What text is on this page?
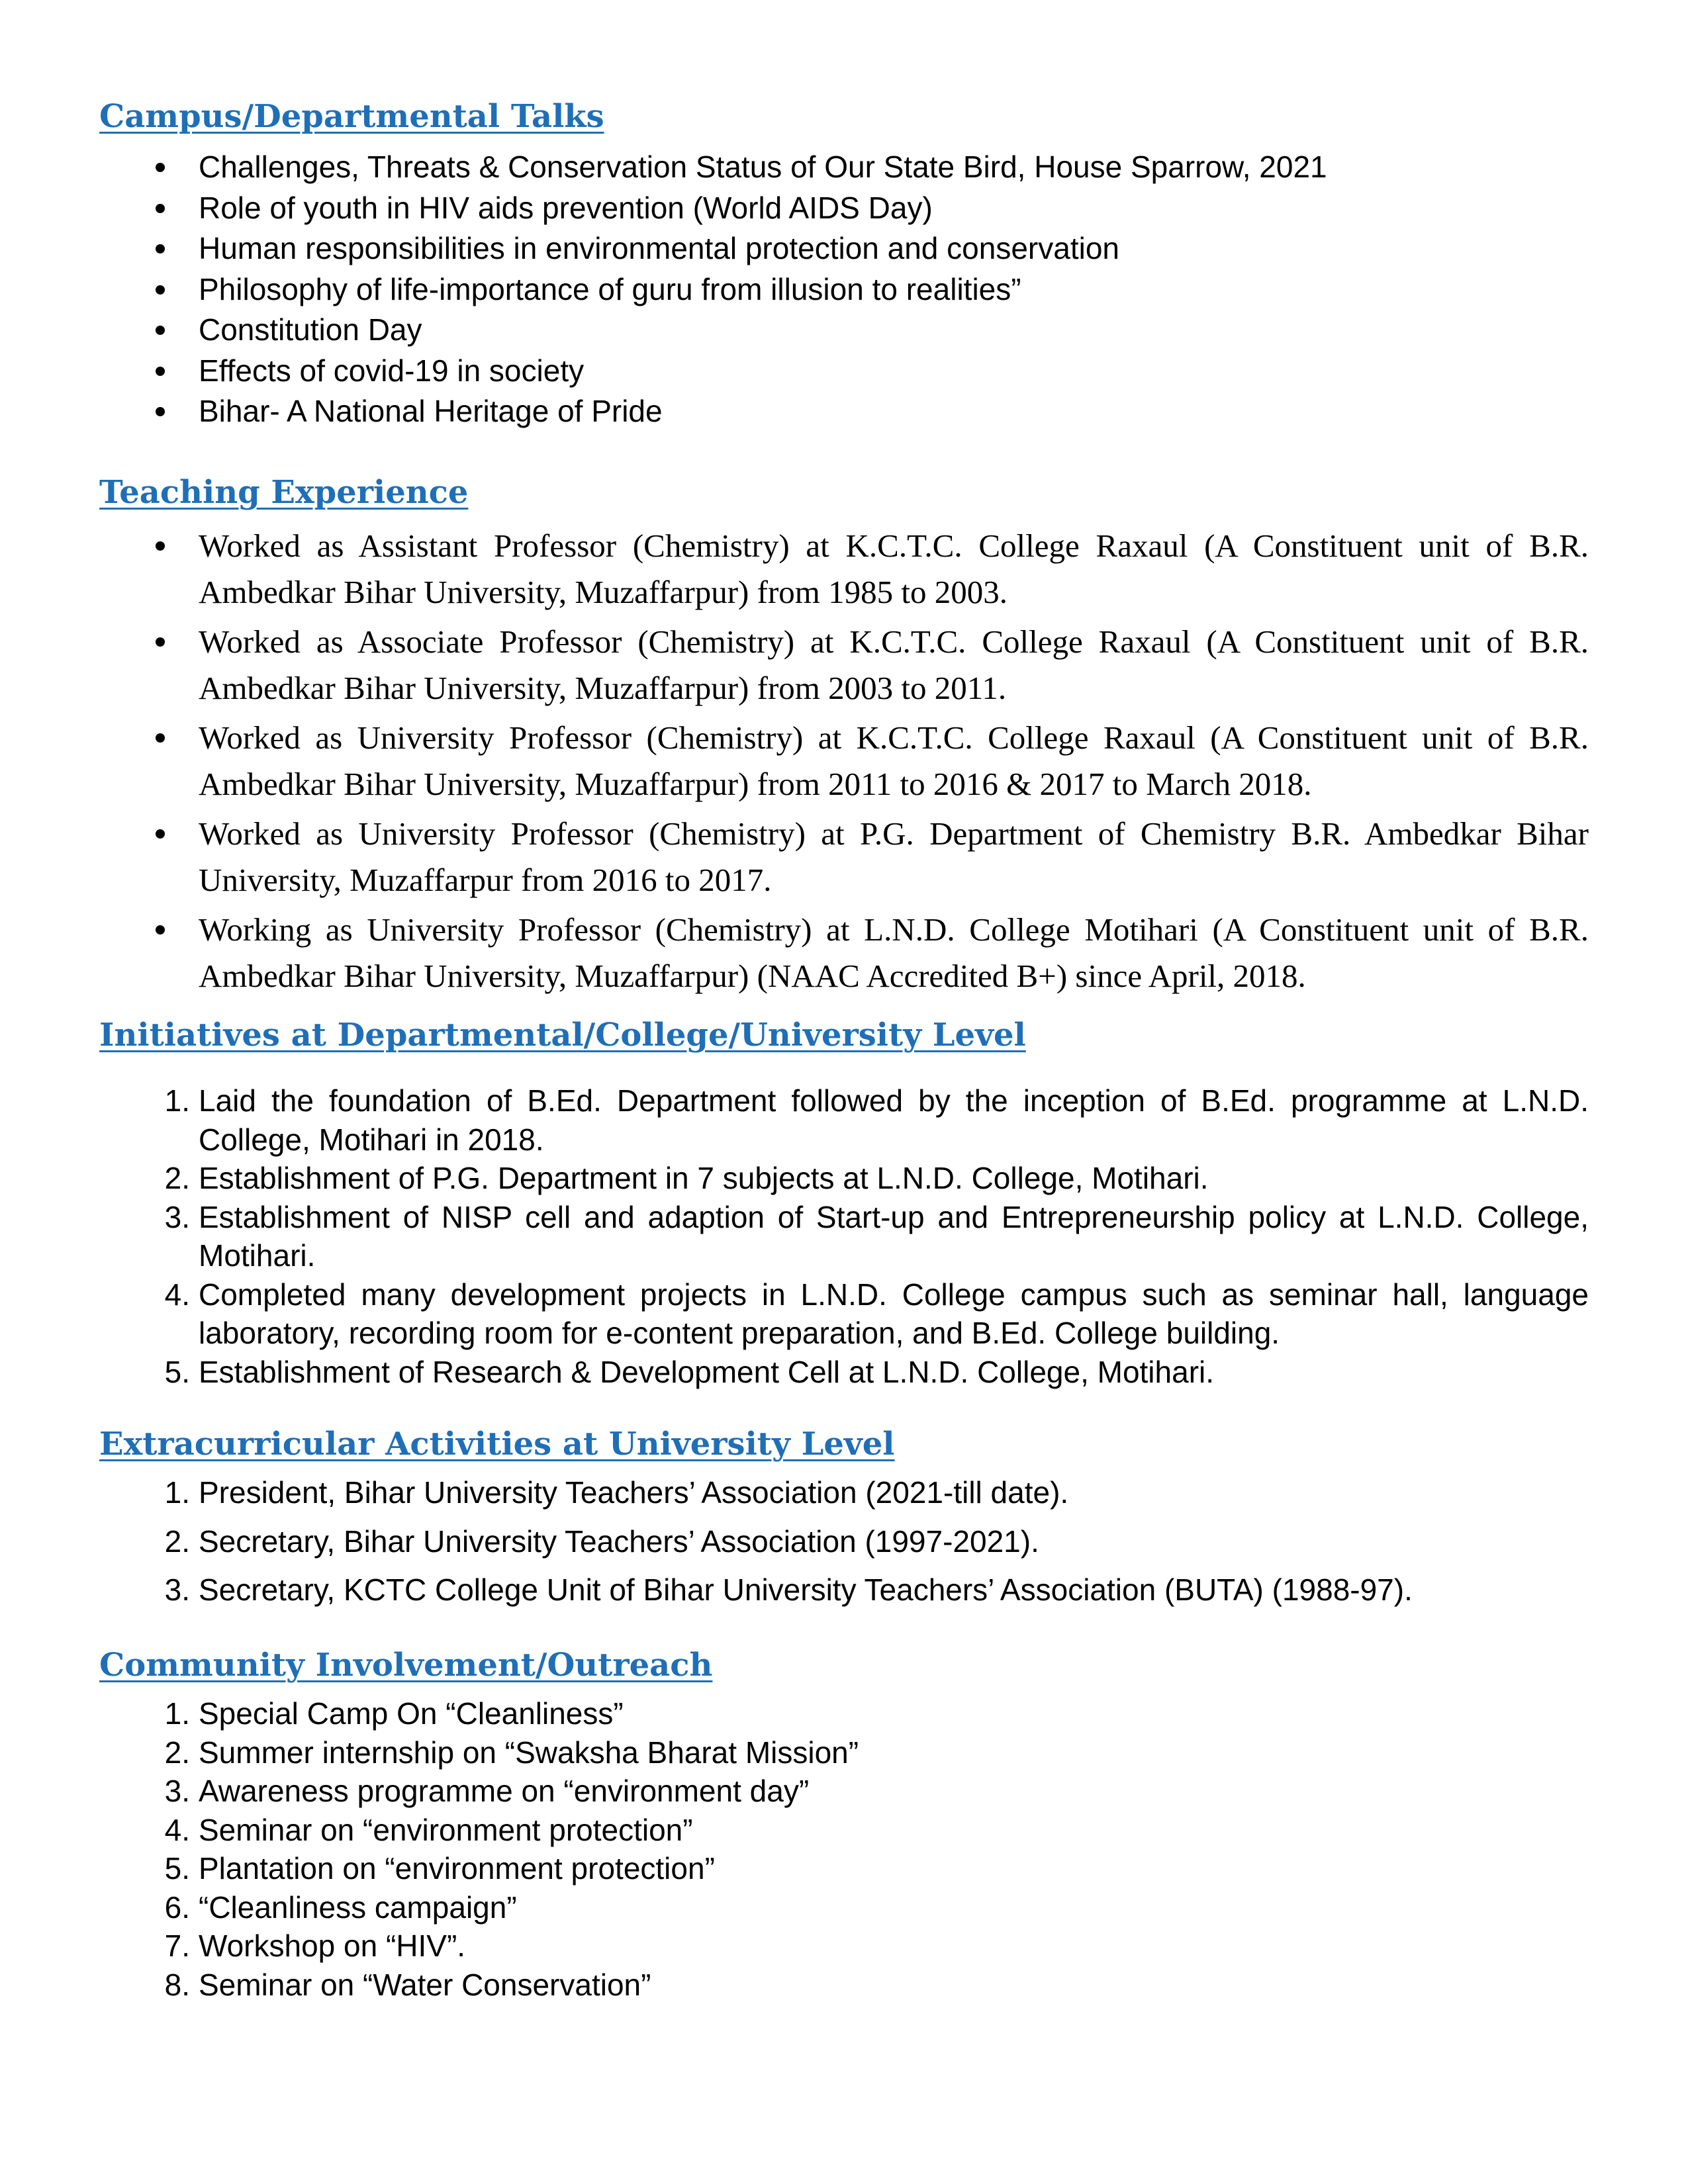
Campus/Departmental Talks
Challenges, Threats & Conservation Status of Our State Bird, House Sparrow, 2021
Role of youth in HIV aids prevention (World AIDS Day)
Human responsibilities in environmental protection and conservation
Philosophy of life-importance of guru from illusion to realities”
Constitution Day
Effects of covid-19 in society
Bihar- A National Heritage of Pride
Teaching Experience
Worked as Assistant Professor (Chemistry) at K.C.T.C. College Raxaul (A Constituent unit of B.R. Ambedkar Bihar University, Muzaffarpur) from 1985 to 2003.
Worked as Associate Professor (Chemistry) at K.C.T.C. College Raxaul (A Constituent unit of B.R. Ambedkar Bihar University, Muzaffarpur) from 2003 to 2011.
Worked as University Professor (Chemistry) at K.C.T.C. College Raxaul (A Constituent unit of B.R. Ambedkar Bihar University, Muzaffarpur) from 2011 to 2016 & 2017 to March 2018.
Worked as University Professor (Chemistry) at P.G. Department of Chemistry B.R. Ambedkar Bihar University, Muzaffarpur from 2016 to 2017.
Working as University Professor (Chemistry) at L.N.D. College Motihari (A Constituent unit of B.R. Ambedkar Bihar University, Muzaffarpur) (NAAC Accredited B+) since April, 2018.
Initiatives at Departmental/College/University Level
1. Laid the foundation of B.Ed. Department followed by the inception of B.Ed. programme at L.N.D. College, Motihari in 2018.
2. Establishment of P.G. Department in 7 subjects at L.N.D. College, Motihari.
3. Establishment of NISP cell and adaption of Start-up and Entrepreneurship policy at L.N.D. College, Motihari.
4. Completed many development projects in L.N.D. College campus such as seminar hall, language laboratory, recording room for e-content preparation, and B.Ed. College building.
5. Establishment of Research & Development Cell at L.N.D. College, Motihari.
Extracurricular Activities at University Level
1. President, Bihar University Teachers’ Association (2021-till date).
2. Secretary, Bihar University Teachers’ Association (1997-2021).
3. Secretary, KCTC College Unit of Bihar University Teachers’ Association (BUTA) (1988-97).
Community Involvement/Outreach
1. Special Camp On “Cleanliness”
2. Summer internship on “Swaksha Bharat Mission”
3. Awareness programme on “environment day”
4. Seminar on “environment protection”
5. Plantation on “environment protection”
6. “Cleanliness campaign”
7. Workshop on “HIV”.
8. Seminar on “Water Conservation”
